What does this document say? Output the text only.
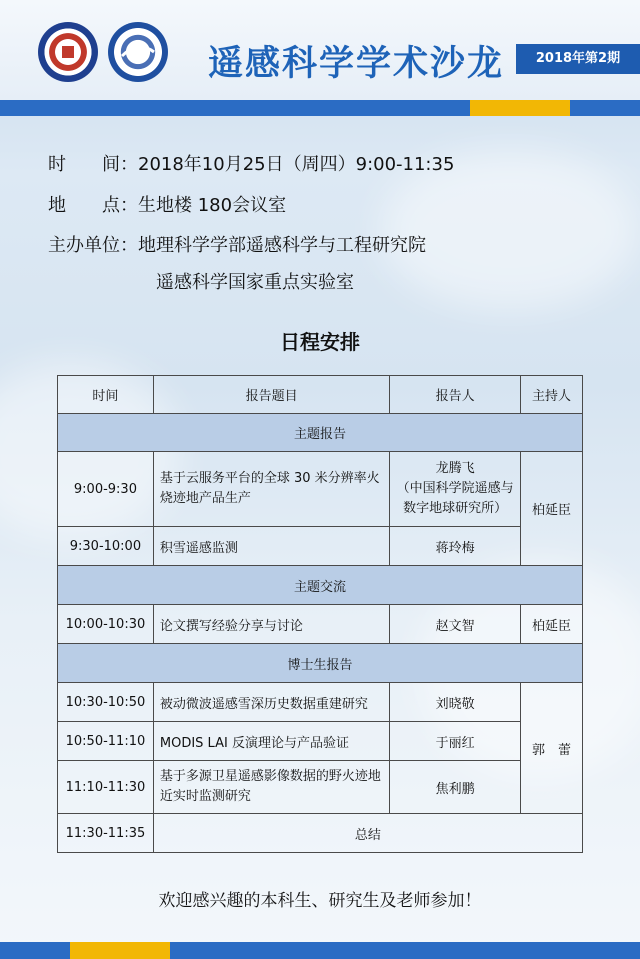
遥感科学学术沙龙	2018年第2期
时　　间：2018年10月25日（周四）9:00-11:35
地　　点：生地楼 180会议室
主办单位：地理科学学部遥感科学与工程研究院
遥感科学国家重点实验室
日程安排
时间	报告题目	报告人	主持人
主题报告			
9:00-9:30	基于云服务平台的全球 30 米分辨率火烧迹地产品生产	龙腾飞
（中国科学院遥感与
数字地球研究所）	柏延臣
9:30-10:00	积雪遥感监测	蒋玲梅	
主题交流			
10:00-10:30	论文撰写经验分享与讨论	赵文智	柏延臣
博士生报告			
10:30-10:50	被动微波遥感雪深历史数据重建研究	刘晓敬	郭　蕾
10:50-11:10	MODIS LAI 反演理论与产品验证	于丽红	
11:10-11:30	基于多源卫星遥感影像数据的野火迹地近实时监测研究	焦利鹏	
11:30-11:35	总结		
欢迎感兴趣的本科生、研究生及老师参加！
